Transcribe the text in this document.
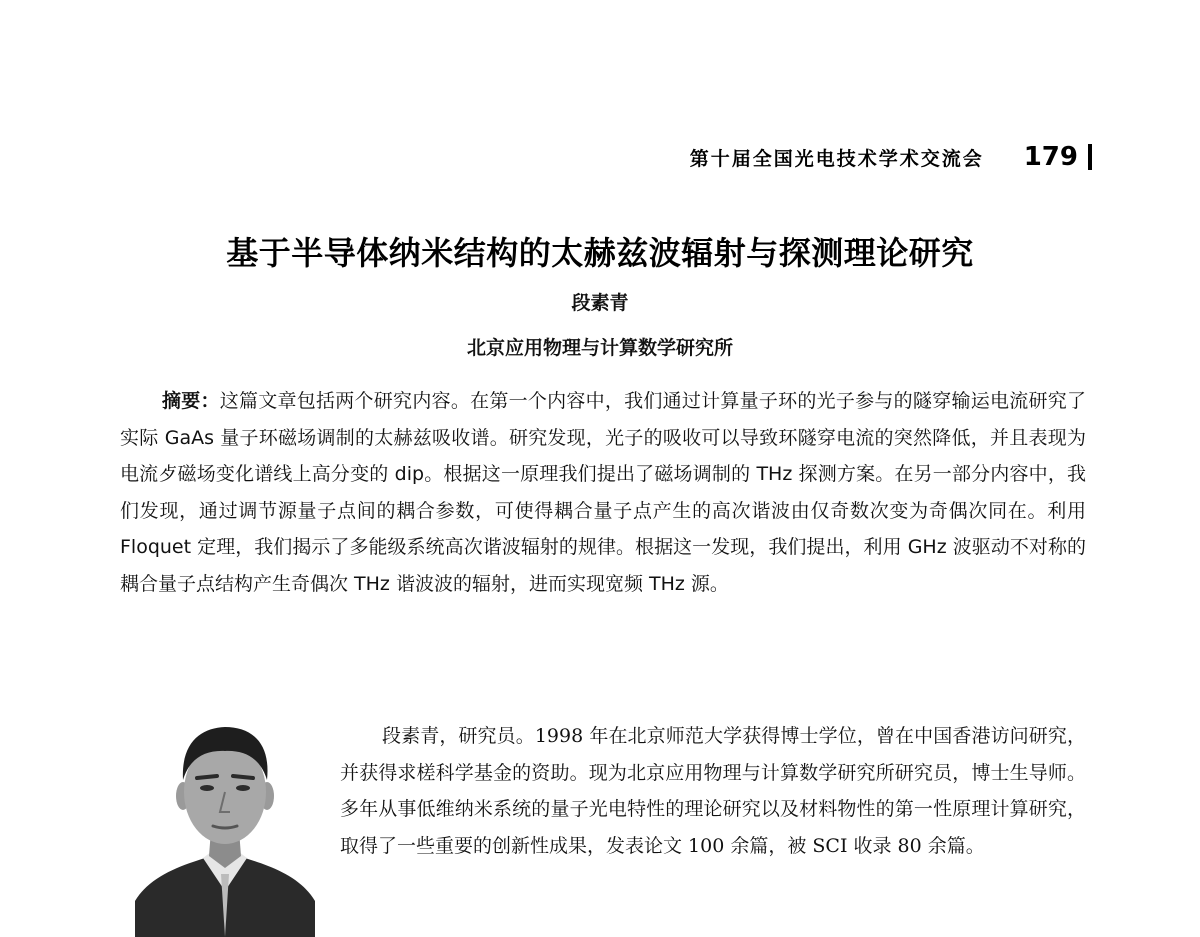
第十届全国光电技术学术交流会 179
基于半导体纳米结构的太赫兹波辐射与探测理论研究
段素青
北京应用物理与计算数学研究所

摘要：这篇文章包括两个研究内容。在第一个内容中，我们通过计算量子环的光子参与的隧穿输运电流研究了实际 GaAs 量子环磁场调制的太赫兹吸收谱。研究发现，光子的吸收可以导致环隧穿电流的突然降低，并且表现为电流歺磁场变化谱线上高分变的 dip。根据这一原理我们提出了磁场调制的 THz 探测方案。在另一部分内容中，我们发现，通过调节源量子点间的耦合参数，可使得耦合量子点产生的高次谐波由仅奇数次变为奇偶次同在。利用 Floquet 定理，我们揭示了多能级系统高次谐波辐射的规律。根据这一发现，我们提出，利用 GHz 波驱动不对称的耦合量子点结构产生奇偶次 THz 谐波波的辐射，进而实现宽频 THz 源。

段素青，研究员。1998 年在北京师范大学获得博士学位，曾在中国香港访问研究，并获得求槎科学基金的资助。现为北京应用物理与计算数学研究所研究员，博士生导师。多年从事低维纳米系统的量子光电特性的理论研究以及材料物性的第一性原理计算研究，取得了一些重要的创新性成果，发表论文 100 余篇，被 SCI 收录 80 余篇。
